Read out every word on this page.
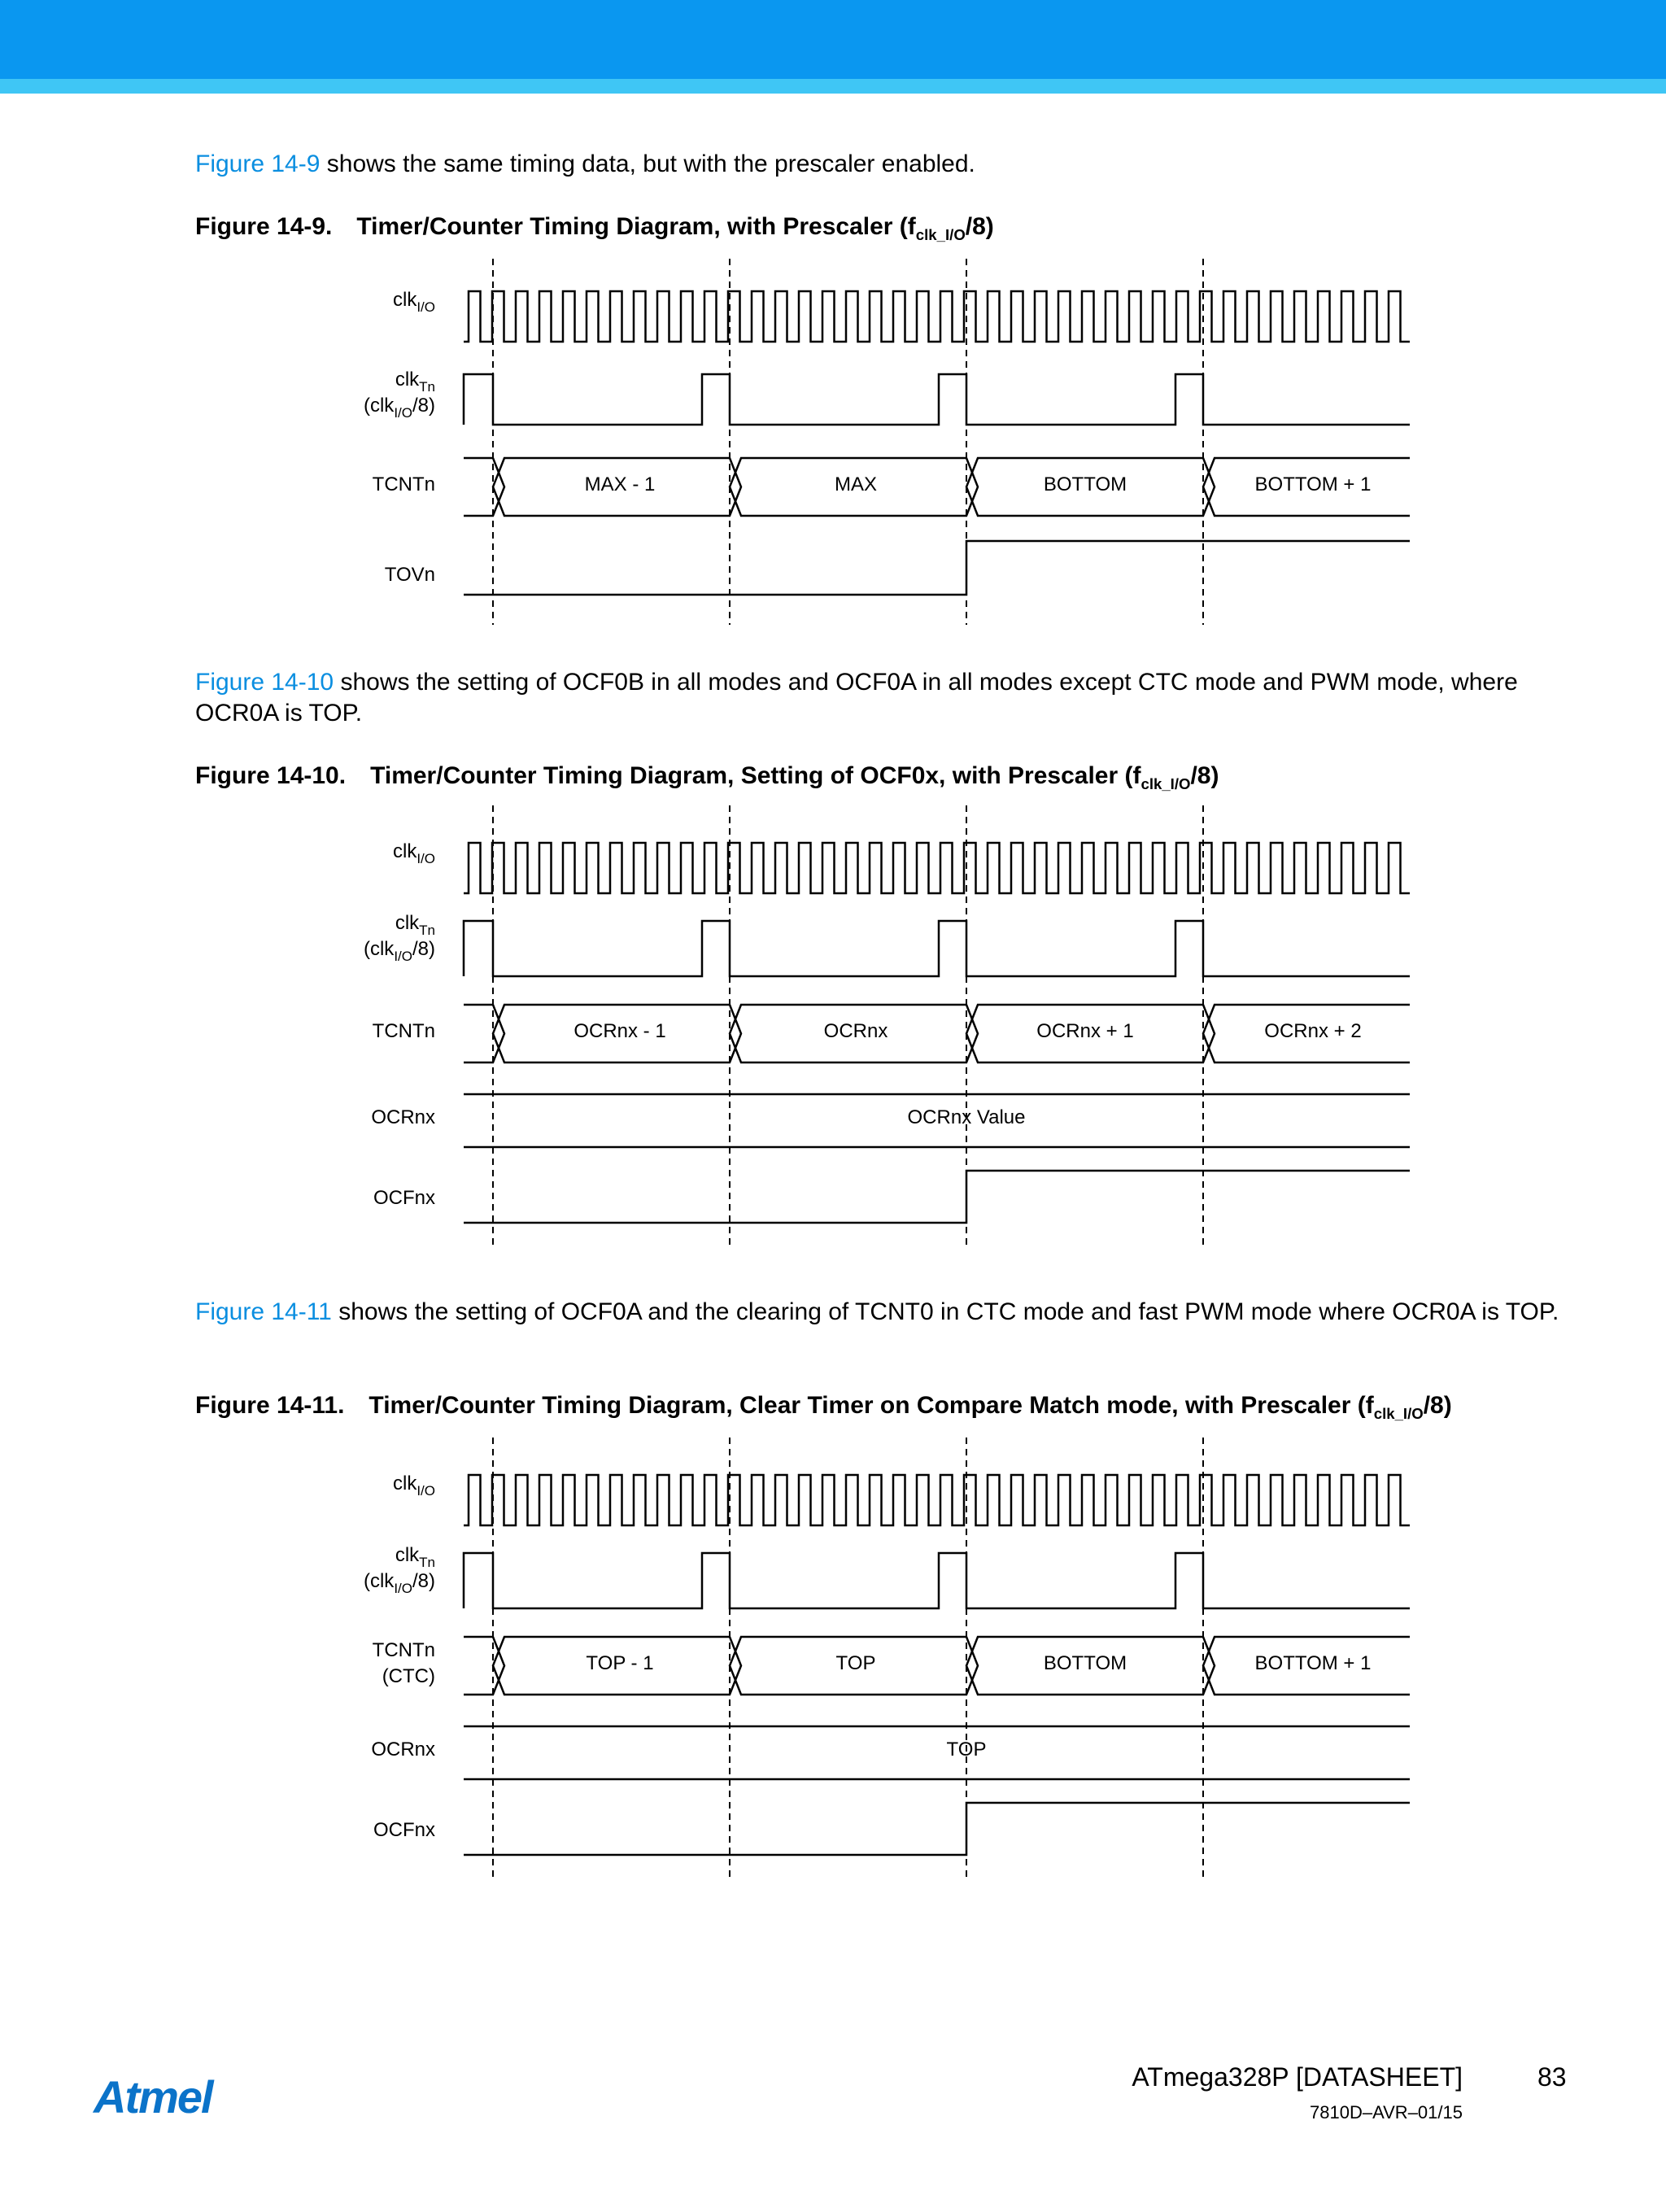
Figure 14-9 shows the same timing data, but with the prescaler enabled.
Figure 14-9. Timer/Counter Timing Diagram, with Prescaler $(f_{clk\_I/O}/8)$
clk$_{I/O}$
clk$_{Tn}$
(clk$_{I/O}$/8)
TCNTn
TOVn
MAX - 1	MAX	BOTTOM	BOTTOM + 1
Figure 14-10 shows the setting of OCF0B in all modes and OCF0A in all modes except CTC mode and PWM mode, where OCR0A is TOP.
Figure 14-10. Timer/Counter Timing Diagram, Setting of OCF0x, with Prescaler $(f_{clk\_I/O}/8)$
clk$_{I/O}$
clk$_{Tn}$
(clk$_{I/O}$/8)
TCNTn
OCRnx
OCFnx
OCRnx - 1	OCRnx	OCRnx + 1	OCRnx + 2
OCRnx Value
Figure 14-11 shows the setting of OCF0A and the clearing of TCNT0 in CTC mode and fast PWM mode where OCR0A is TOP.
Figure 14-11. Timer/Counter Timing Diagram, Clear Timer on Compare Match mode, with Prescaler $(f_{clk\_I/O}/8)$
clk$_{I/O}$
clk$_{Tn}$
(clk$_{I/O}$/8)
TCNTn
(CTC)
TOP - 1	TOP	BOTTOM	BOTTOM + 1
OCRnx	TOP
OCFnx
Atmel	ATmega328P [DATASHEET]	83
7810D–AVR–01/15
